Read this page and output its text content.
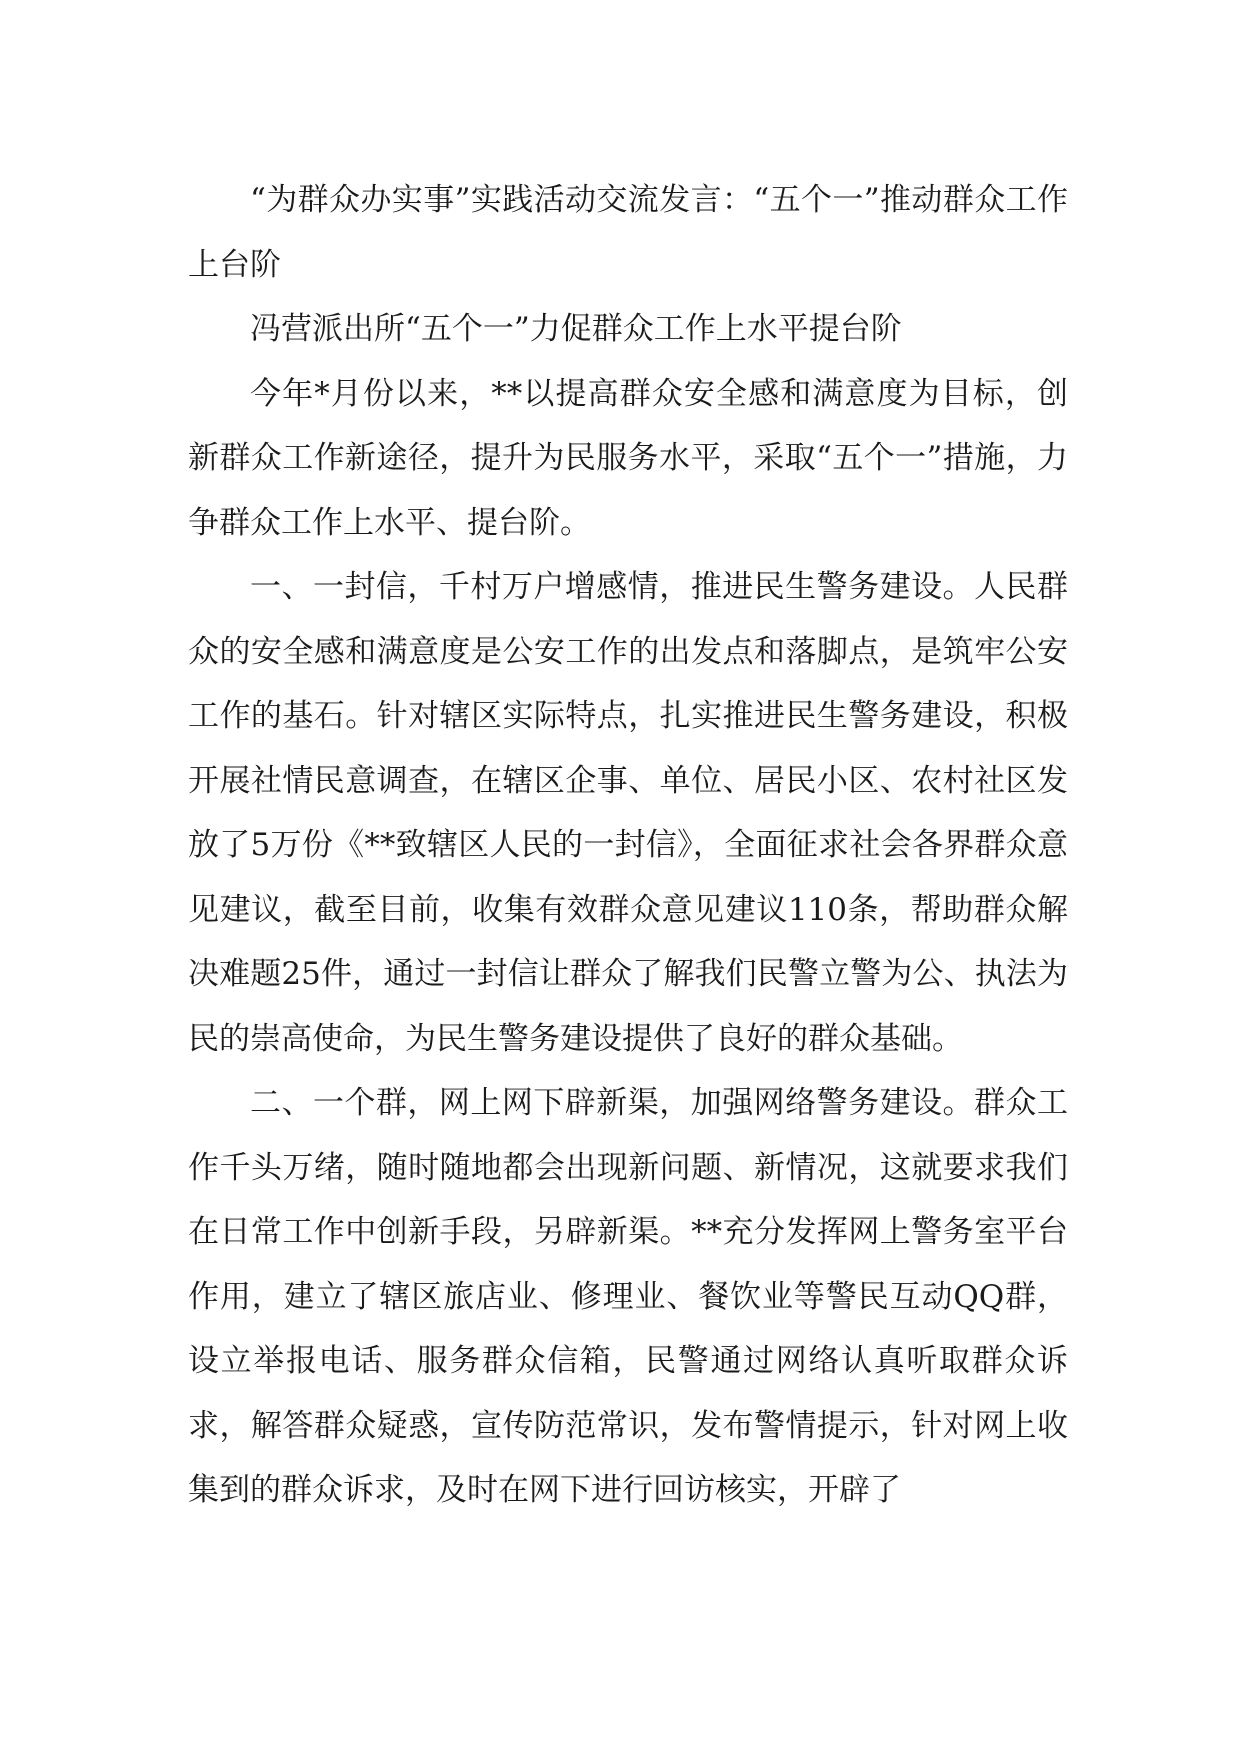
“为群众办实事”实践活动交流发言：“五个一”推动群众工作上台阶

冯营派出所“五个一”力促群众工作上水平提台阶

今年*月份以来，**以提高群众安全感和满意度为目标，创新群众工作新途径，提升为民服务水平，采取“五个一”措施，力争群众工作上水平、提台阶。

一、一封信，千村万户增感情，推进民生警务建设。人民群众的安全感和满意度是公安工作的出发点和落脚点，是筑牢公安工作的基石。针对辖区实际特点，扎实推进民生警务建设，积极开展社情民意调查，在辖区企事、单位、居民小区、农村社区发放了5万份《**致辖区人民的一封信》，全面征求社会各界群众意见建议，截至目前，收集有效群众意见建议110条，帮助群众解决难题25件，通过一封信让群众了解我们民警立警为公、执法为民的崇高使命，为民生警务建设提供了良好的群众基础。

二、一个群，网上网下辟新渠，加强网络警务建设。群众工作千头万绪，随时随地都会出现新问题、新情况，这就要求我们在日常工作中创新手段，另辟新渠。**充分发挥网上警务室平台作用，建立了辖区旅店业、修理业、餐饮业等警民互动QQ群，设立举报电话、服务群众信箱，民警通过网络认真听取群众诉求，解答群众疑惑，宣传防范常识，发布警情提示，针对网上收集到的群众诉求，及时在网下进行回访核实，开辟了
